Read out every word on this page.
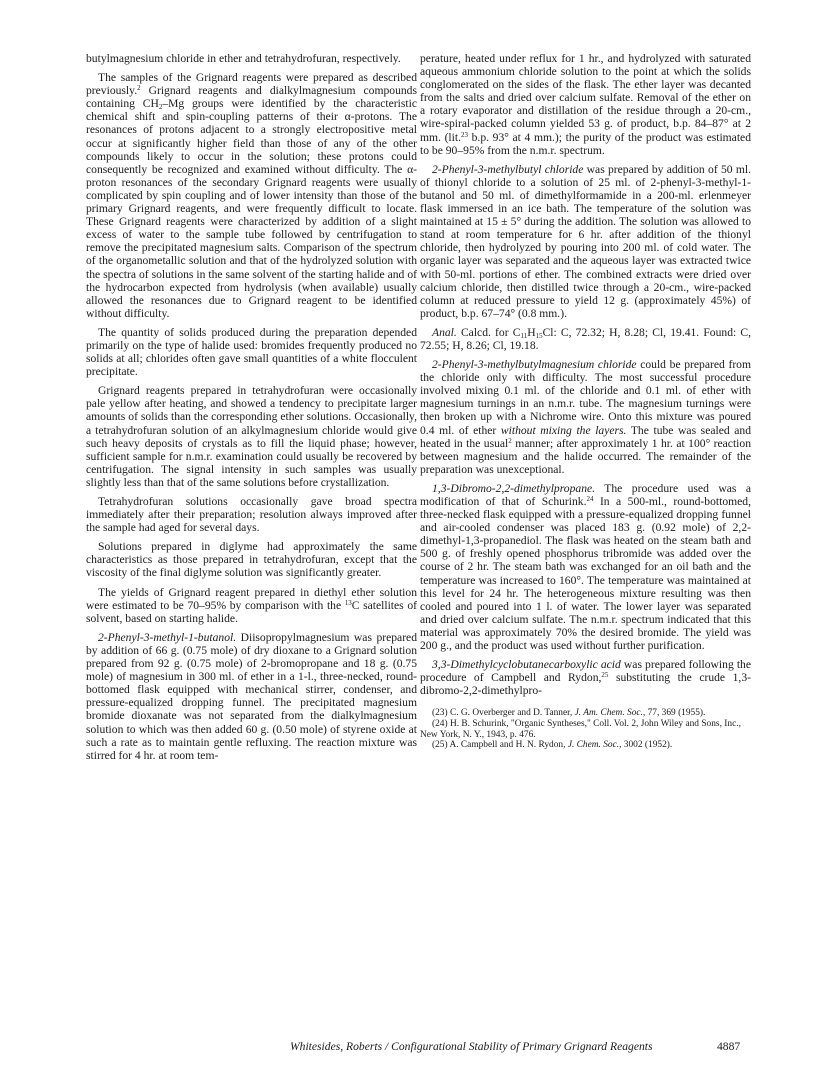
butylmagnesium chloride in ether and tetrahydrofuran, respectively.

The samples of the Grignard reagents were prepared as described previously.$^2$ Grignard reagents and dialkylmagnesium compounds containing $CH_2-Mg$ groups were identified by the characteristic chemical shift and spin-coupling patterns of their α-protons. The resonances of protons adjacent to a strongly electropositive metal occur at significantly higher field than those of any of the other compounds likely to occur in the solution; these protons could consequently be recognized and examined without difficulty. The α-proton resonances of the secondary Grignard reagents were usually complicated by spin coupling and of lower intensity than those of the primary Grignard reagents, and were frequently difficult to locate. These Grignard reagents were characterized by addition of a slight excess of water to the sample tube followed by centrifugation to remove the precipitated magnesium salts. Comparison of the spectrum of the organometallic solution and that of the hydrolyzed solution with the spectra of solutions in the same solvent of the starting halide and of the hydrocarbon expected from hydrolysis (when available) usually allowed the resonances due to Grignard reagent to be identified without difficulty.

The quantity of solids produced during the preparation depended primarily on the type of halide used: bromides frequently produced no solids at all; chlorides often gave small quantities of a white flocculent precipitate.

Grignard reagents prepared in tetrahydrofuran were occasionally pale yellow after heating, and showed a tendency to precipitate larger amounts of solids than the corresponding ether solutions. Occasionally, a tetrahydrofuran solution of an alkylmagnesium chloride would give such heavy deposits of crystals as to fill the liquid phase; however, sufficient sample for n.m.r. examination could usually be recovered by centrifugation. The signal intensity in such samples was usually slightly less than that of the same solutions before crystallization.

Tetrahydrofuran solutions occasionally gave broad spectra immediately after their preparation; resolution always improved after the sample had aged for several days.

Solutions prepared in diglyme had approximately the same characteristics as those prepared in tetrahydrofuran, except that the viscosity of the final diglyme solution was significantly greater.

The yields of Grignard reagent prepared in diethyl ether solution were estimated to be 70–95% by comparison with the $^{13}$C satellites of solvent, based on starting halide.

2-Phenyl-3-methyl-1-butanol. Diisopropylmagnesium was prepared by addition of 66 g. (0.75 mole) of dry dioxane to a Grignard solution prepared from 92 g. (0.75 mole) of 2-bromopropane and 18 g. (0.75 mole) of magnesium in 300 ml. of ether in a 1-l., three-necked, round-bottomed flask equipped with mechanical stirrer, condenser, and pressure-equalized dropping funnel. The precipitated magnesium bromide dioxanate was not separated from the dialkylmagnesium solution to which was then added 60 g. (0.50 mole) of styrene oxide at such a rate as to maintain gentle refluxing. The reaction mixture was stirred for 4 hr. at room tem-

perature, heated under reflux for 1 hr., and hydrolyzed with saturated aqueous ammonium chloride solution to the point at which the solids conglomerated on the sides of the flask. The ether layer was decanted from the salts and dried over calcium sulfate. Removal of the ether on a rotary evaporator and distillation of the residue through a 20-cm., wire-spiral-packed column yielded 53 g. of product, b.p. 84–87° at 2 mm. (lit.$^{23}$ b.p. 93° at 4 mm.); the purity of the product was estimated to be 90–95% from the n.m.r. spectrum.

2-Phenyl-3-methylbutyl chloride was prepared by addition of 50 ml. of thionyl chloride to a solution of 25 ml. of 2-phenyl-3-methyl-1-butanol and 50 ml. of dimethylformamide in a 200-ml. erlenmeyer flask immersed in an ice bath. The temperature of the solution was maintained at 15 ± 5° during the addition. The solution was allowed to stand at room temperature for 6 hr. after addition of the thionyl chloride, then hydrolyzed by pouring into 200 ml. of cold water. The organic layer was separated and the aqueous layer was extracted twice with 50-ml. portions of ether. The combined extracts were dried over calcium chloride, then distilled twice through a 20-cm., wire-packed column at reduced pressure to yield 12 g. (approximately 45%) of product, b.p. 67–74° (0.8 mm.).

Anal. Calcd. for $C_{11}H_{15}Cl$: C, 72.32; H, 8.28; Cl, 19.41. Found: C, 72.55; H, 8.26; Cl, 19.18.

2-Phenyl-3-methylbutylmagnesium chloride could be prepared from the chloride only with difficulty. The most successful procedure involved mixing 0.1 ml. of the chloride and 0.1 ml. of ether with magnesium turnings in an n.m.r. tube. The magnesium turnings were then broken up with a Nichrome wire. Onto this mixture was poured 0.4 ml. of ether without mixing the layers. The tube was sealed and heated in the usual$^2$ manner; after approximately 1 hr. at 100° reaction between magnesium and the halide occurred. The remainder of the preparation was unexceptional.

1,3-Dibromo-2,2-dimethylpropane. The procedure used was a modification of that of Schurink.$^{24}$ In a 500-ml., round-bottomed, three-necked flask equipped with a pressure-equalized dropping funnel and air-cooled condenser was placed 183 g. (0.92 mole) of 2,2-dimethyl-1,3-propanediol. The flask was heated on the steam bath and 500 g. of freshly opened phosphorus tribromide was added over the course of 2 hr. The steam bath was exchanged for an oil bath and the temperature was increased to 160°. The temperature was maintained at this level for 24 hr. The heterogeneous mixture resulting was then cooled and poured into 1 l. of water. The lower layer was separated and dried over calcium sulfate. The n.m.r. spectrum indicated that this material was approximately 70% the desired bromide. The yield was 200 g., and the product was used without further purification.

3,3-Dimethylcyclobutanecarboxylic acid was prepared following the procedure of Campbell and Rydon,$^{25}$ substituting the crude 1,3-dibromo-2,2-dimethylpro-

(23) C. G. Overberger and D. Tanner, J. Am. Chem. Soc., 77, 369 (1955).

(24) H. B. Schurink, "Organic Syntheses," Coll. Vol. 2, John Wiley and Sons, Inc., New York, N. Y., 1943, p. 476.

(25) A. Campbell and H. N. Rydon, J. Chem. Soc., 3002 (1952).

Whitesides, Roberts / Configurational Stability of Primary Grignard Reagents	4887
